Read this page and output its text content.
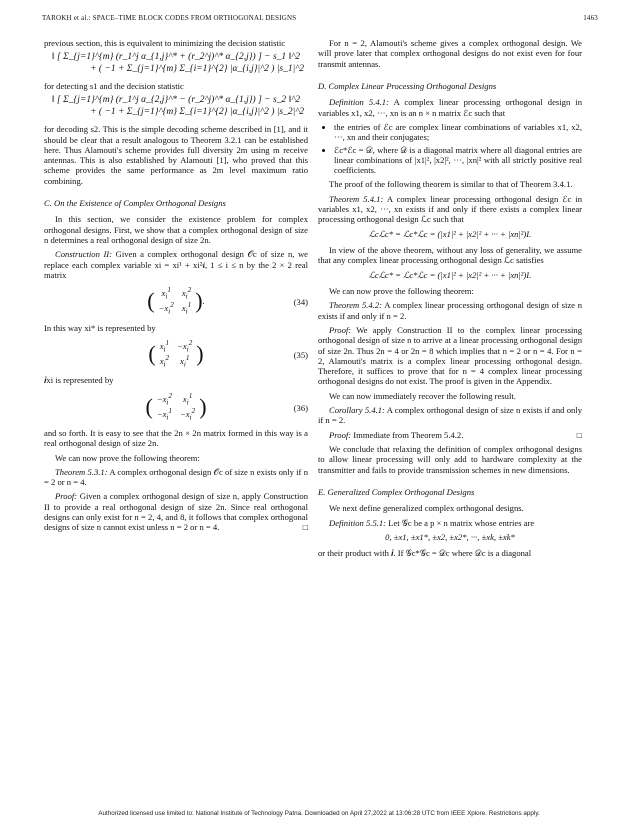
TAROKH et al.: SPACE–TIME BLOCK CODES FROM ORTHOGONAL DESIGNS	1463

previous section, this is equivalent to minimizing the decision statistic

‖ [ Σ_{j=1}^{m} (r_1^j α_{1,j}^* + (r_2^j)^* α_{2,j}) ] − s_1 ‖^2
+ ( −1 + Σ_{j=1}^{m} Σ_{i=1}^{2} |α_{i,j}|^2 ) |s_1|^2

for detecting s1 and the decision statistic

‖ [ Σ_{j=1}^{m} (r_1^j α_{2,j}^* − (r_2^j)^* α_{1,j}) ] − s_2 ‖^2
+ ( −1 + Σ_{j=1}^{m} Σ_{i=1}^{2} |α_{i,j}|^2 ) |s_2|^2

for decoding s2. This is the simple decoding scheme described in [1], and it should be clear that a result analogous to Theorem 3.2.1 can be established here. Thus Alamouti's scheme provides full diversity 2m using m receive antennas. This is also established by Alamouti [1], who proved that this scheme provides the same performance as 2m level maximum ratio combining.

C. On the Existence of Complex Orthogonal Designs

In this section, we consider the existence problem for complex orthogonal designs. First, we show that a complex orthogonal design of size n determines a real orthogonal design of size 2n.

Construction II: Given a complex orthogonal design 𝒪c of size n, we replace each complex variable xi = xi¹ + xi²𝒊, 1 ≤ i ≤ n by the 2 × 2 real matrix

( $x_i^1$	$x_i^2$
$-x_i^2$	$x_i^1$ ) .	(34)

In this way xi* is represented by

( $x_i^1$	$-x_i^2$
$x_i^2$	$x_i^1$ )	(35)

𝒊xi is represented by

( $-x_i^2$	$x_i^1$
$-x_i^1$	$-x_i^2$ )	(36)

and so forth. It is easy to see that the 2n × 2n matrix formed in this way is a real orthogonal design of size 2n.

We can now prove the following theorem:

Theorem 5.3.1: A complex orthogonal design 𝒪c of size n exists only if n = 2 or n = 4.

Proof: Given a complex orthogonal design of size n, apply Construction II to provide a real orthogonal design of size 2n. Since real orthogonal designs can only exist for n = 2, 4, and 8, it follows that complex orthogonal designs of size n cannot exist unless n = 2 or n = 4.	□

For n = 2, Alamouti's scheme gives a complex orthogonal design. We will prove later that complex orthogonal designs do not exist even for four transmit antennas.

D. Complex Linear Processing Orthogonal Designs

Definition 5.4.1: A complex linear processing orthogonal design in variables x1, x2, ···, xn is an n × n matrix ℰc such that

• the entries of ℰc are complex linear combinations of variables x1, x2, ···, xn and their conjugates;
• ℰc*ℰc = 𝒟, where 𝒟 is a diagonal matrix where all diagonal entries are linear combinations of |x1|², |x2|², ···, |xn|² with all strictly positive real coefficients.

The proof of the following theorem is similar to that of Theorem 3.4.1.

Theorem 5.4.1: A complex linear processing orthogonal design ℰc in variables x1, x2, ···, xn exists if and only if there exists a complex linear processing orthogonal design ℒc such that

ℒcℒc* = ℒc*ℒc = (|x1|² + |x2|² + ··· + |xn|²)I.

In view of the above theorem, without any loss of generality, we assume that any complex linear processing orthogonal design ℒc satisfies

ℒcℒc* = ℒc*ℒc = (|x1|² + |x2|² + ··· + |xn|²)I.

We can now prove the following theorem:

Theorem 5.4.2: A complex linear processing orthogonal design of size n exists if and only if n = 2.

Proof: We apply Construction II to the complex linear processing orthogonal design of size n to arrive at a linear processing orthogonal design of size 2n. Thus 2n = 4 or 2n = 8 which implies that n = 2 or n = 4. For n = 2, Alamouti's matrix is a complex linear processing orthogonal design. Therefore, it suffices to prove that for n = 4 complex linear processing orthogonal designs do not exist. The proof is given in the Appendix.

We can now immediately recover the following result.

Corollary 5.4.1: A complex orthogonal design of size n exists if and only if n = 2.

Proof: Immediate from Theorem 5.4.2.	□

We conclude that relaxing the definition of complex orthogonal designs to allow linear processing will only add to hardware complexity at the transmitter and fails to provide transmission schemes in new dimensions.

E. Generalized Complex Orthogonal Designs

We next define generalized complex orthogonal designs.

Definition 5.5.1: Let 𝒢c be a p × n matrix whose entries are

0, ±x1, ±x1*, ±x2, ±x2*, ···, ±xk, ±xk*

or their product with 𝒊. If 𝒢c*𝒢c = 𝒟c where 𝒟c is a diagonal

Authorized licensed use limited to: National Institute of Technology Patna. Downloaded on April 27,2022 at 13:06:28 UTC from IEEE Xplore. Restrictions apply.
